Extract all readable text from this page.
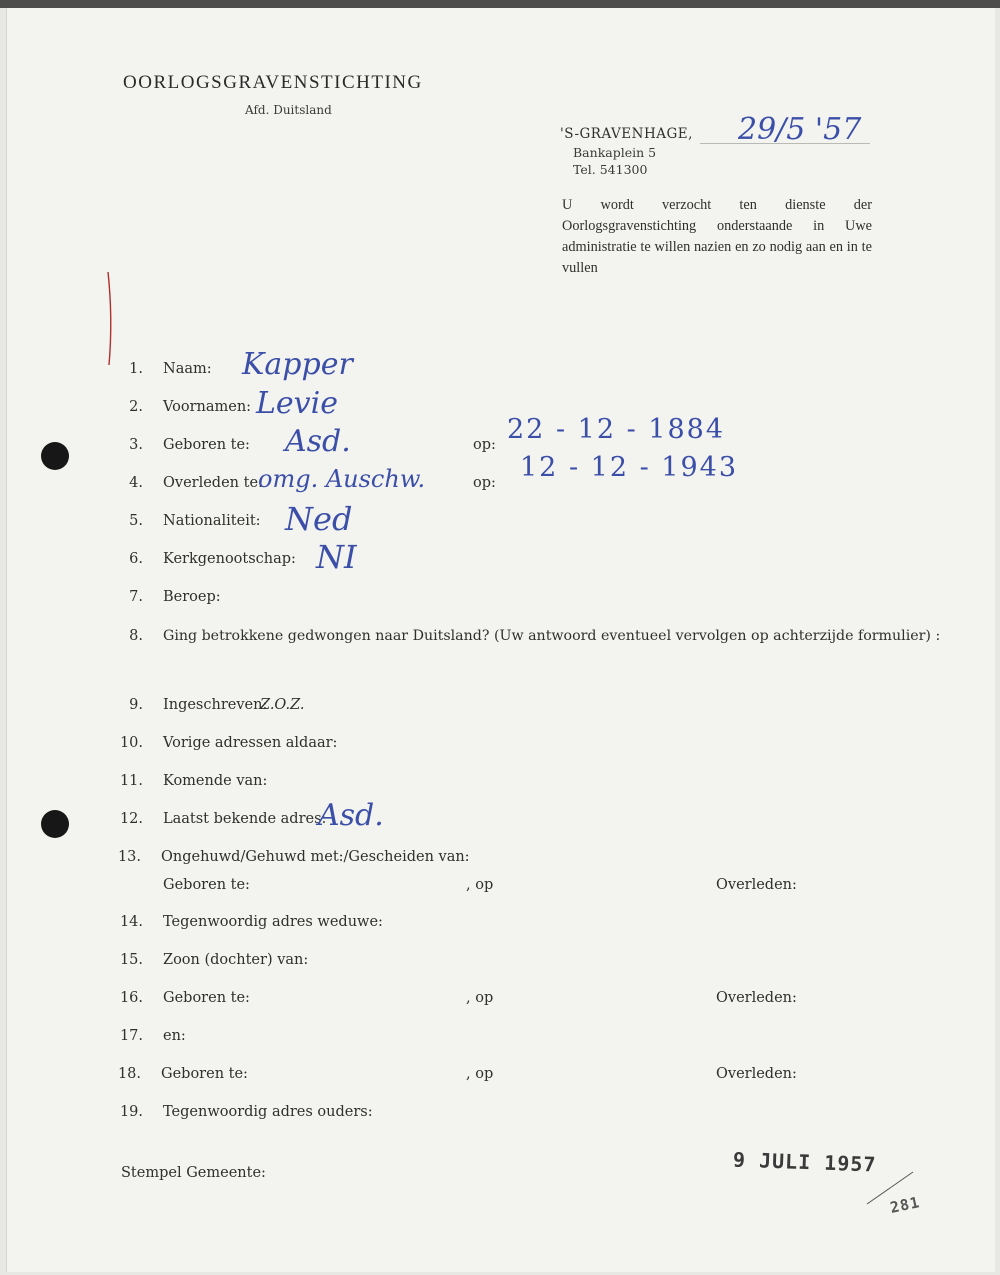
OORLOGSGRAVENSTICHTING
Afd. Duitsland
'S-GRAVENHAGE,
Bankaplein 5
Tel. 541300
29/5 '57
U wordt verzocht ten dienste der Oorlogsgravenstichting onderstaande in Uwe administratie te willen nazien en zo nodig aan en in te vullen
1. Naam: Kapper
2. Voornamen: Levie
3. Geboren te: Asd.	op: 22 - 12 - 1884
4. Overleden te:
omg. Auschw.	op: 12 - 12 - 1943
5. Nationaliteit: Ned
6. Kerkgenootschap: NI
7. Beroep:
8. Ging betrokkene gedwongen naar Duitsland? (Uw antwoord eventueel vervolgen op achterzijde formulier) :
9. Ingeschreven:
Z.O.Z.
10. Vorige adressen aldaar:
11. Komende van:
12. Laatst bekende adres:
Asd.
13. Ongehuwd/Gehuwd met:/Gescheiden van:
Geboren te:	, op	Overleden:
14. Tegenwoordig adres weduwe:
15. Zoon (dochter) van:
16. Geboren te:	, op	Overleden:
17. en:
18. Geboren te:	, op	Overleden:
19. Tegenwoordig adres ouders:
Stempel Gemeente:	9 JULI 1957
281
